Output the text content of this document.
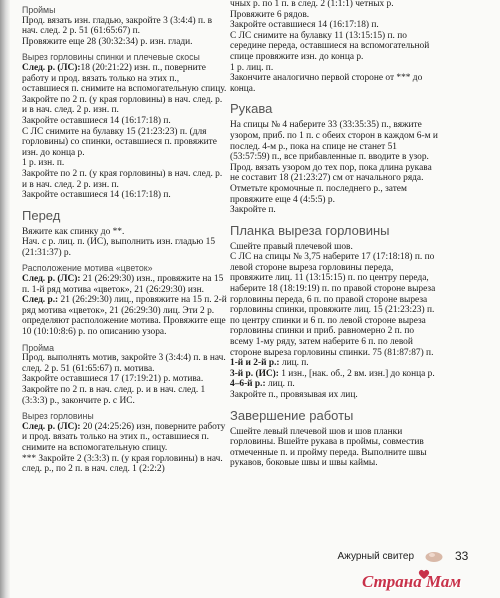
Проймы

Прод. вязать изн. гладью, закройте 3 (3:4:4) п. в нач. след. 2 р. 51 (61:65:67) п.

Провяжите еще 28 (30:32:34) р. изн. глади.

Вырез горловины спинки и плечевые скосы

След. р. (ЛС):18 (20:21:22) изн. п., поверните работу и прод. вязать только на этих п., оставшиеся п. снимите на вспомогательную спицу.

Закройте по 2 п. (у края горловины) в нач. след. р. и в нач. след. 2 р. изн. п.

Закройте оставшиеся 14 (16:17:18) п.

С ЛС снимите на булавку 15 (21:23:23) п. (для горловины) со спинки, оставшиеся п. провяжите изн. до конца р.

1 р. изн. п.

Закройте по 2 п. (у края горловины) в нач. след. р. и в нач. след. 2 р. изн. п.

Закройте оставшиеся 14 (16:17:18) п.

Перед

Вяжите как спинку до **.

Нач. с р. лиц. п. (ИС), выполнить изн. гладью 15 (21:31:37) р.

Расположение мотива «цветок»

След. р. (ЛС): 21 (26:29:30) изн., провяжите на 15 п. 1-й ряд мотива «цветок», 21 (26:29:30) изн.

След. р.: 21 (26:29:30) лиц., провяжите на 15 п. 2-й ряд мотива «цветок», 21 (26:29:30) лиц. Эти 2 р. определяют расположение мотива. Провяжите еще 10 (10:10:8:6) р. по описанию узора.

Пройма

Прод. выполнять мотив, закройте 3 (3:4:4) п. в нач. след. 2 р. 51 (61:65:67) п. мотива.

Закройте оставшиеся 17 (17:19:21) р. мотива.

Закройте по 2 п. в нач. след. р. и в нач. след. 1 (3:3:3) р., закончите р. с ИС.

Вырез горловины

След. р. (ЛС): 20 (24:25:26) изн, поверните работу и прод. вязать только на этих п., оставшиеся п. снимите на вспомогательную спицу.

*** Закройте 2 (3:3:3) п. (у края горловины) в нач. след. р., по 2 п. в нач. след. 1 (2:2:2)

чных р. по 1 п. в след. 2 (1:1:1) четных р. Провяжите 6 рядов.

Закройте оставшиеся 14 (16:17:18) п.

С ЛС снимите на булавку 11 (13:15:15) п. по середине переда, оставшиеся на вспомогательной спице провяжите изн. до конца р.

1 р. лиц. п.

Закончите аналогично первой стороне от *** до конца.

Рукава

На спицы № 4 наберите 33 (33:35:35) п., вяжите узором, приб. по 1 п. с обеих сторон в каждом 6-м и послед. 4-м р., пока на спице не станет 51 (53:57:59) п., все прибавленные п. вводите в узор.

Прод. вязать узором до тех пор, пока длина рукава не составит 18 (21:23:27) см от начального ряда.

Отметьте кромочные п. последнего р., затем провяжите еще 4 (4:5:5) р.

Закройте п.

Планка выреза горловины

Сшейте правый плечевой шов.

С ЛС на спицы № 3,75 наберите 17 (17:18:18) п. по левой стороне выреза горловины переда, провяжите лиц. 11 (13:15:15) п. по центру переда, наберите 18 (18:19:19) п. по правой стороне выреза горловины переда, 6 п. по правой стороне выреза горловины спинки, провяжите лиц. 15 (21:23:23) п. по центру спинки и 6 п. по левой стороне выреза горловины спинки и приб. равномерно 2 п. по всему 1-му ряду, затем наберите 6 п. по левой стороне выреза горловины спинки. 75 (81:87:87) п.

1-й и 2-й р.: лиц. п.

3-й р. (ИС): 1 изн., [нак. об., 2 вм. изн.] до конца р.

4–6-й р.: лиц. п.

Закройте п., провязывая их лиц.

Завершение работы

Сшейте левый плечевой шов и шов планки горловины. Вшейте рукава в проймы, совместив отмеченные п. и пройму переда. Выполните швы рукавов, боковые швы и швы каймы.

Ажурный свитер	33
Страна Мам
